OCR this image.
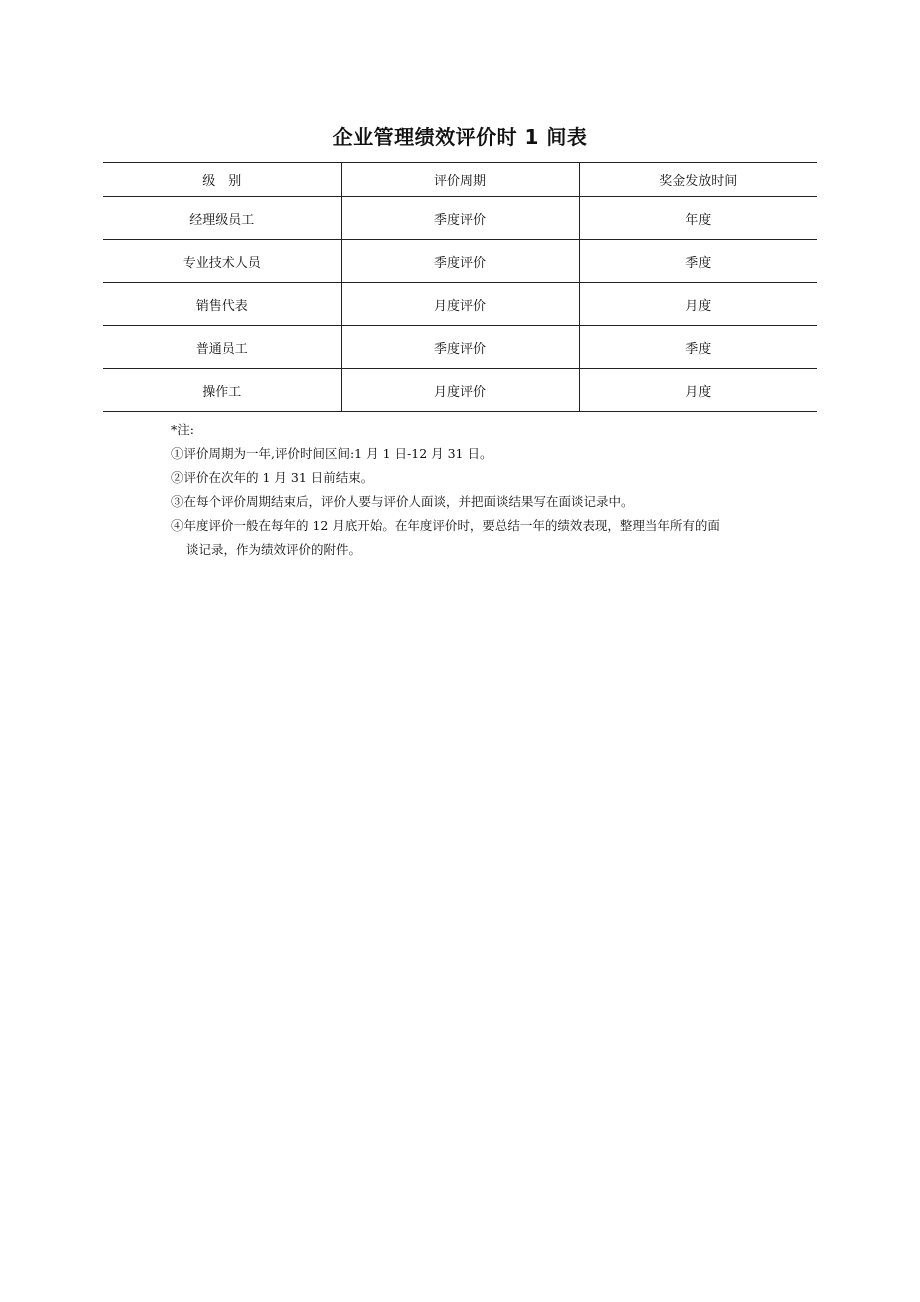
企业管理绩效评价时 1 间表
级　别	评价周期	奖金发放时间
经理级员工	季度评价	年度
专业技术人员	季度评价	季度
销售代表	月度评价	月度
普通员工	季度评价	季度
操作工	月度评价	月度
*注:
①评价周期为一年,评价时间区间:1 月 1 日-12 月 31 日。
②评价在次年的 1 月 31 日前结束。
③在每个评价周期结束后，评价人要与评价人面谈，并把面谈结果写在面谈记录中。
④年度评价一般在每年的 12 月底开始。在年度评价时，要总结一年的绩效表现，整理当年所有的面
谈记录，作为绩效评价的附件。
